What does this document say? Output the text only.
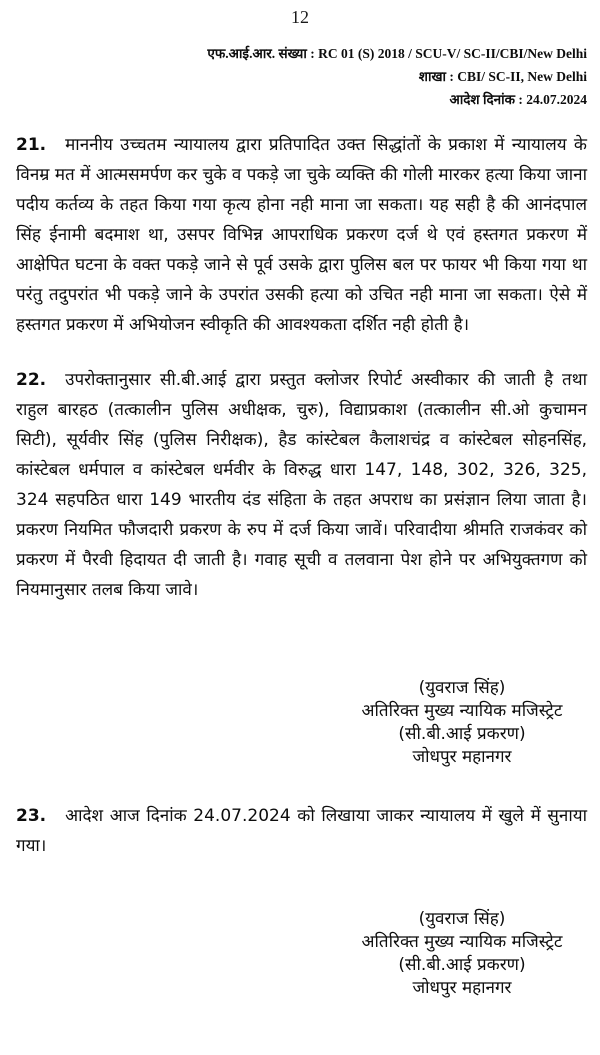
12
एफ.आई.आर. संख्या : RC 01 (S) 2018 / SCU-V/ SC-II/CBI/New Delhi
शाखा : CBI/ SC-II, New Delhi
आदेश दिनांक : 24.07.2024

21. माननीय उच्चतम न्यायालय द्वारा प्रतिपादित उक्त सिद्धांतों के प्रकाश में न्यायालय के विनम्र मत में आत्मसमर्पण कर चुके व पकड़े जा चुके व्यक्ति की गोली मारकर हत्या किया जाना पदीय कर्तव्य के तहत किया गया कृत्य होना नही माना जा सकता। यह सही है की आनंदपाल सिंह ईनामी बदमाश था, उसपर विभिन्न आपराधिक प्रकरण दर्ज थे एवं हस्तगत प्रकरण में आक्षेपित घटना के वक्त पकड़े जाने से पूर्व उसके द्वारा पुलिस बल पर फायर भी किया गया था परंतु तदुपरांत भी पकड़े जाने के उपरांत उसकी हत्या को उचित नही माना जा सकता। ऐसे में हस्तगत प्रकरण में अभियोजन स्वीकृति की आवश्यकता दर्शित नही होती है।

22. उपरोक्तानुसार सी.बी.आई द्वारा प्रस्तुत क्लोजर रिपोर्ट अस्वीकार की जाती है तथा राहुल बारहठ (तत्कालीन पुलिस अधीक्षक, चुरु), विद्याप्रकाश (तत्कालीन सी.ओ कुचामन सिटी), सूर्यवीर सिंह (पुलिस निरीक्षक), हैड कांस्टेबल कैलाशचंद्र व कांस्टेबल सोहनसिंह, कांस्टेबल धर्मपाल व कांस्टेबल धर्मवीर के विरुद्ध धारा 147, 148, 302, 326, 325, 324 सहपठित धारा 149 भारतीय दंड संहिता के तहत अपराध का प्रसंज्ञान लिया जाता है। प्रकरण नियमित फौजदारी प्रकरण के रुप में दर्ज किया जावें। परिवादीया श्रीमति राजकंवर को प्रकरण में पैरवी हिदायत दी जाती है। गवाह सूची व तलवाना पेश होने पर अभियुक्तगण को नियमानुसार तलब किया जावे।

(युवराज सिंह)
अतिरिक्त मुख्य न्यायिक मजिस्ट्रेट
(सी.बी.आई प्रकरण)
जोधपुर महानगर

23. आदेश आज दिनांक 24.07.2024 को लिखाया जाकर न्यायालय में खुले में सुनाया गया।

(युवराज सिंह)
अतिरिक्त मुख्य न्यायिक मजिस्ट्रेट
(सी.बी.आई प्रकरण)
जोधपुर महानगर
